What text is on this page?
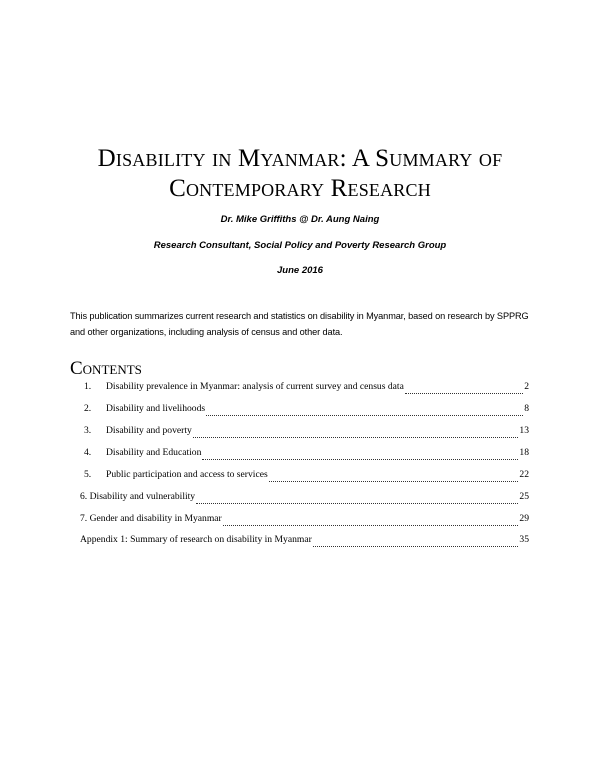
Disability in Myanmar: A Summary of
Contemporary Research
Dr. Mike Griffiths @ Dr. Aung Naing
Research Consultant, Social Policy and Poverty Research Group
June 2016
This publication summarizes current research and statistics on disability in Myanmar, based on research by SPPRG and other organizations, including analysis of census and other data.
Contents
1.	Disability prevalence in Myanmar: analysis of current survey and census data	2
2.	Disability and livelihoods	8
3.	Disability and poverty	13
4.	Disability and Education	18
5.	Public participation and access to services	22
6. Disability and vulnerability	25
7. Gender and disability in Myanmar	29
Appendix 1: Summary of research on disability in Myanmar	35
